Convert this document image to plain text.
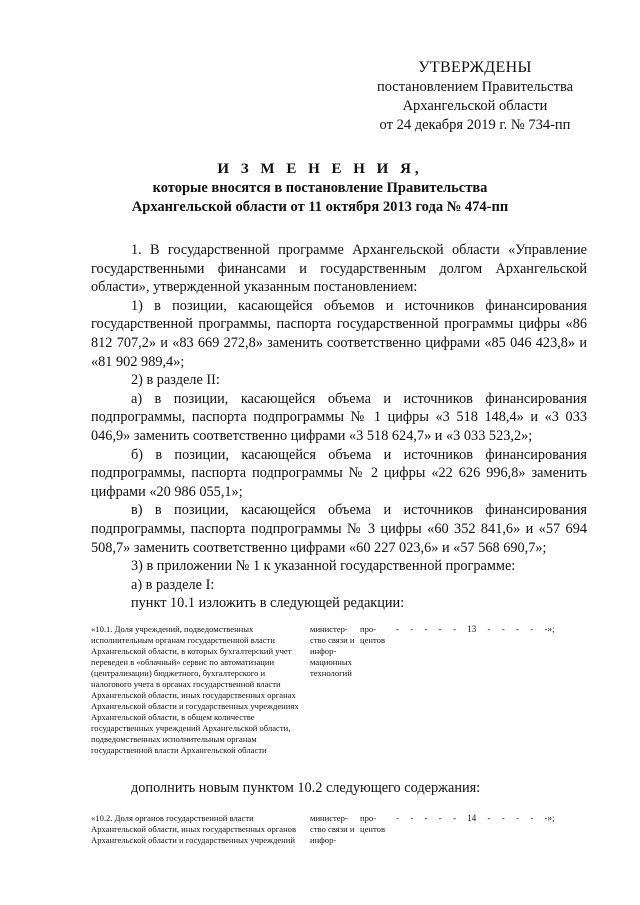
УТВЕРЖДЕНЫ
постановлением Правительства
Архангельской области
от 24 декабря 2019 г. № 734-пп
И З М Е Н Е Н И Я,
которые вносятся в постановление Правительства
Архангельской области от 11 октября 2013 года № 474-пп

1. В государственной программе Архангельской области «Управление государственными финансами и государственным долгом Архангельской области», утвержденной указанным постановлением:

1) в позиции, касающейся объемов и источников финансирования государственной программы, паспорта государственной программы цифры «86 812 707,2» и «83 669 272,8» заменить соответственно цифрами «85 046 423,8» и «81 902 989,4»;

2) в разделе II:

а) в позиции, касающейся объема и источников финансирования подпрограммы, паспорта подпрограммы № 1 цифры «3 518 148,4» и «3 033 046,9» заменить соответственно цифрами «3 518 624,7» и «3 033 523,2»;

б) в позиции, касающейся объема и источников финансирования подпрограммы, паспорта подпрограммы № 2 цифры «22 626 996,8» заменить цифрами «20 986 055,1»;

в) в позиции, касающейся объема и источников финансирования подпрограммы, паспорта подпрограммы № 3 цифры «60 352 841,6» и «57 694 508,7» заменить соответственно цифрами «60 227 023,6» и «57 568 690,7»;

3) в приложении № 1 к указанной государственной программе:

а) в разделе I:

пункт 10.1 изложить в следующей редакции:

«10.1. Доля учреждений, подведомственных исполнительным органам государственной власти Архангельской области, в которых бухгалтерский учет переведен в «облачный» сервис по автоматизации (централизации) бюджетного, бухгалтерского и налогового учета в органах государственной власти Архангельской области, иных государственных органах Архангельской области и государственных учреждениях Архангельской области, в общем количестве государственных учреждений Архангельской области, подведомственных исполнительным органам государственной власти Архангельской области
министер-ство связи и инфор-мационных технологий
про-центов
-     -     -     -     -     13     -     -     -     -     -»;
дополнить новым пунктом 10.2 следующего содержания:
«10.2. Доля органов государственной власти Архангельской области, иных государственных органов Архангельской области и государственных учреждений
министер-ство связи и инфор-
про-центов
-     -     -     -     -     14     -     -     -     -     -»;
